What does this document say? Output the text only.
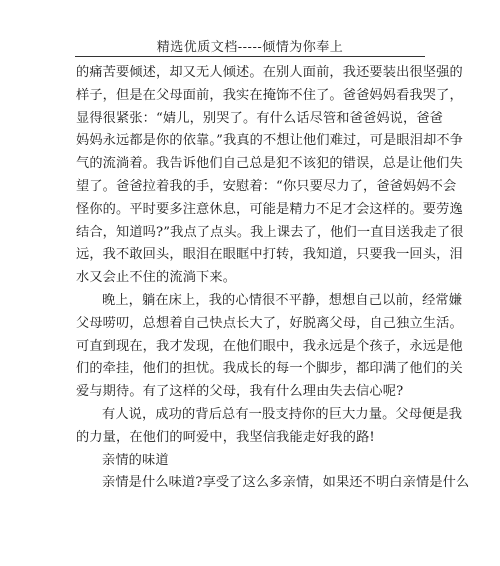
精选优质文档-----倾情为你奉上
的痛苦要倾述，却又无人倾述。在别人面前，我还要装出很坚强的
样子，但是在父母面前，我实在掩饰不住了。爸爸妈妈看我哭了，
显得很紧张：“婧儿，别哭了。有什么话尽管和爸爸妈说，爸爸
妈妈永远都是你的依靠。”我真的不想让他们难过，可是眼泪却不争
气的流淌着。我告诉他们自己总是犯不该犯的错误，总是让他们失
望了。爸爸拉着我的手，安慰着：“你只要尽力了，爸爸妈妈不会
怪你的。平时要多注意休息，可能是精力不足才会这样的。要劳逸
结合，知道吗?”我点了点头。我上课去了，他们一直目送我走了很
远，我不敢回头，眼泪在眼眶中打转，我知道，只要我一回头，泪
水又会止不住的流淌下来。
晚上，躺在床上，我的心情很不平静，想想自己以前，经常嫌
父母唠叨，总想着自己快点长大了，好脱离父母，自己独立生活。
可直到现在，我才发现，在他们眼中，我永远是个孩子，永远是他
们的牵挂，他们的担忧。我成长的每一个脚步，都印满了他们的关
爱与期待。有了这样的父母，我有什么理由失去信心呢?
有人说，成功的背后总有一股支持你的巨大力量。父母便是我
的力量，在他们的呵爱中，我坚信我能走好我的路!
亲情的味道
亲情是什么味道?享受了这么多亲情，如果还不明白亲情是什么
